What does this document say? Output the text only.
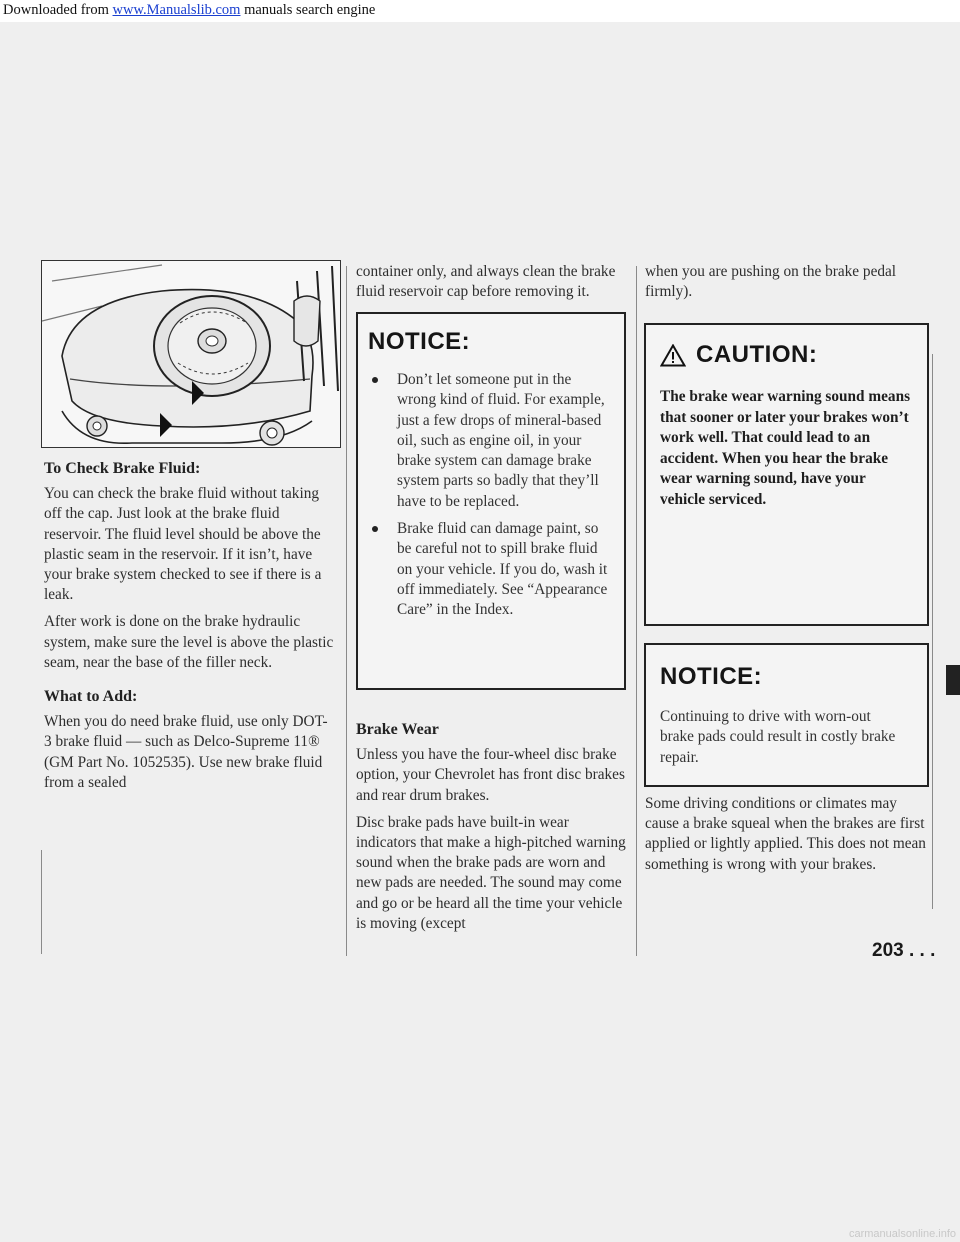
Downloaded from www.Manualslib.com manuals search engine
To Check Brake Fluid:

You can check the brake fluid without taking off the cap. Just look at the brake fluid reservoir. The fluid level should be above the plastic seam in the reservoir. If it isn’t, have your brake system checked to see if there is a leak.

After work is done on the brake hydraulic system, make sure the level is above the plastic seam, near the base of the filler neck.

What to Add:

When you do need brake fluid, use only DOT-3 brake fluid — such as Delco-Supreme 11® (GM Part No. 1052535). Use new brake fluid from a sealed

container only, and always clean the brake fluid reservoir cap before removing it.

NOTICE:
Don’t let someone put in the wrong kind of fluid. For example, just a few drops of mineral-based oil, such as engine oil, in your brake system can damage brake system parts so badly that they’ll have to be replaced.
Brake fluid can damage paint, so be careful not to spill brake fluid on your vehicle. If you do, wash it off immediately. See “Appearance Care” in the Index.
Brake Wear

Unless you have the four-wheel disc brake option, your Chevrolet has front disc brakes and rear drum brakes.

Disc brake pads have built-in wear indicators that make a high-pitched warning sound when the brake pads are worn and new pads are needed. The sound may come and go or be heard all the time your vehicle is moving (except

when you are pushing on the brake pedal firmly).

CAUTION:
The brake wear warning sound means that sooner or later your brakes won’t work well. That could lead to an accident. When you hear the brake wear warning sound, have your vehicle serviced.
NOTICE:
Continuing to drive with worn-out brake pads could result in costly brake repair.

Some driving conditions or climates may cause a brake squeal when the brakes are first applied or lightly applied. This does not mean something is wrong with your brakes.

203 . . .
carmanualsonline.info
